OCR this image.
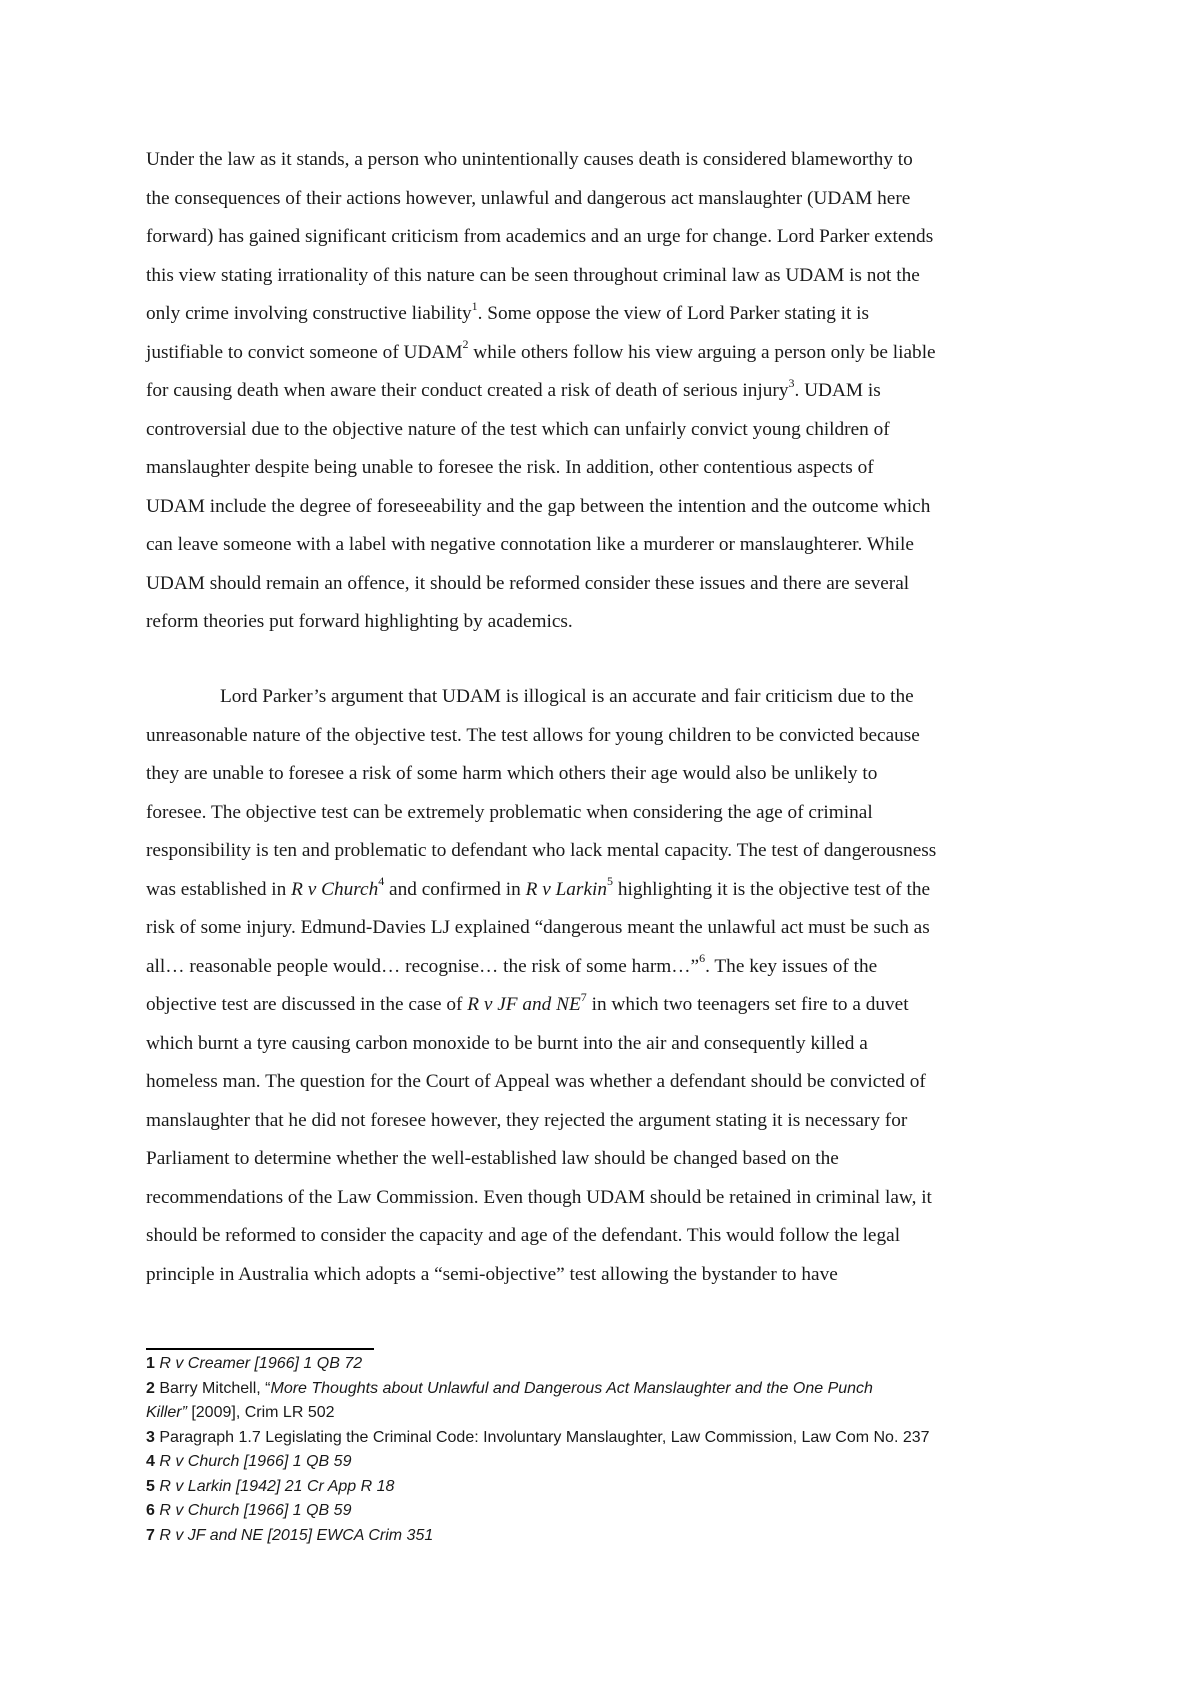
Under the law as it stands, a person who unintentionally causes death is considered blameworthy to
the consequences of their actions however, unlawful and dangerous act manslaughter (UDAM here
forward) has gained significant criticism from academics and an urge for change. Lord Parker extends
this view stating irrationality of this nature can be seen throughout criminal law as UDAM is not the
only crime involving constructive liability$^1$. Some oppose the view of Lord Parker stating it is
justifiable to convict someone of UDAM$^2$ while others follow his view arguing a person only be liable
for causing death when aware their conduct created a risk of death of serious injury$^3$. UDAM is
controversial due to the objective nature of the test which can unfairly convict young children of
manslaughter despite being unable to foresee the risk. In addition, other contentious aspects of
UDAM include the degree of foreseeability and the gap between the intention and the outcome which
can leave someone with a label with negative connotation like a murderer or manslaughterer. While
UDAM should remain an offence, it should be reformed consider these issues and there are several
reform theories put forward highlighting by academics.
Lord Parker’s argument that UDAM is illogical is an accurate and fair criticism due to the
unreasonable nature of the objective test. The test allows for young children to be convicted because
they are unable to foresee a risk of some harm which others their age would also be unlikely to
foresee. The objective test can be extremely problematic when considering the age of criminal
responsibility is ten and problematic to defendant who lack mental capacity. The test of dangerousness
was established in R v Church$^4$ and confirmed in R v Larkin$^5$ highlighting it is the objective test of the
risk of some injury. Edmund-Davies LJ explained “dangerous meant the unlawful act must be such as
all… reasonable people would… recognise… the risk of some harm…”$^6$. The key issues of the
objective test are discussed in the case of R v JF and $NE^7$ in which two teenagers set fire to a duvet
which burnt a tyre causing carbon monoxide to be burnt into the air and consequently killed a
homeless man. The question for the Court of Appeal was whether a defendant should be convicted of
manslaughter that he did not foresee however, they rejected the argument stating it is necessary for
Parliament to determine whether the well-established law should be changed based on the
recommendations of the Law Commission. Even though UDAM should be retained in criminal law, it
should be reformed to consider the capacity and age of the defendant. This would follow the legal
principle in Australia which adopts a “semi-objective” test allowing the bystander to have
1 R v Creamer [1966] 1 QB 72
2 Barry Mitchell, “More Thoughts about Unlawful and Dangerous Act Manslaughter and the One Punch
Killer” [2009], Crim LR 502
3 Paragraph 1.7 Legislating the Criminal Code: Involuntary Manslaughter, Law Commission, Law Com No. 237
4 R v Church [1966] 1 QB 59
5 R v Larkin [1942] 21 Cr App R 18
6 R v Church [1966] 1 QB 59
7 R v JF and NE [2015] EWCA Crim 351
